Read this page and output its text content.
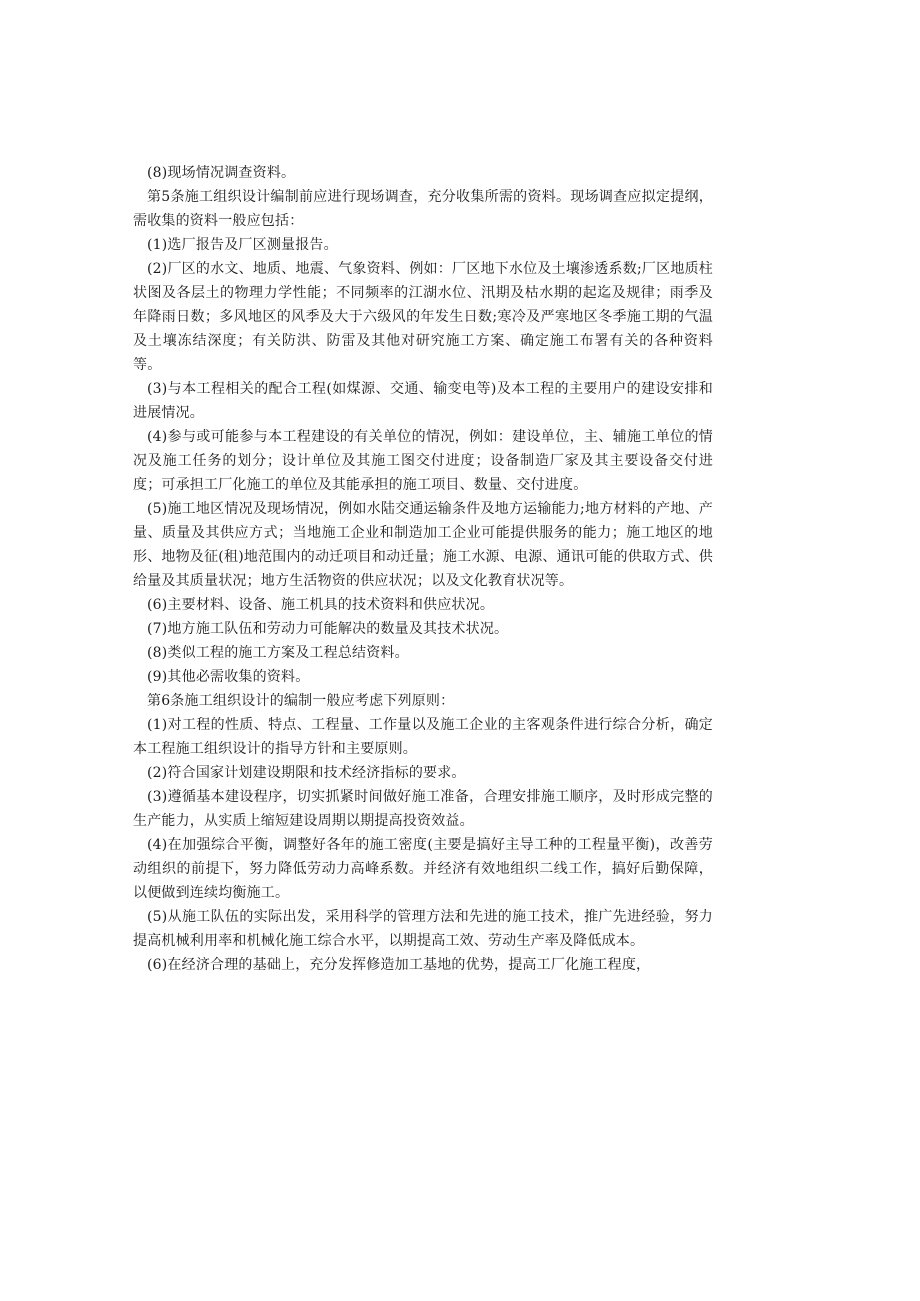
(8)现场情况调查资料。

第5条施工组织设计编制前应进行现场调查，充分收集所需的资料。现场调查应拟定提纲，需收集的资料一般应包括：

(1)选厂报告及厂区测量报告。

(2)厂区的水文、地质、地震、气象资料、例如：厂区地下水位及土壤渗透系数;厂区地质柱状图及各层土的物理力学性能；不同频率的江湖水位、汛期及枯水期的起迄及规律；雨季及年降雨日数；多风地区的风季及大于六级风的年发生日数;寒冷及严寒地区冬季施工期的气温及土壤冻结深度；有关防洪、防雷及其他对研究施工方案、确定施工布署有关的各种资料等。

(3)与本工程相关的配合工程(如煤源、交通、输变电等)及本工程的主要用户的建设安排和进展情况。

(4)参与或可能参与本工程建设的有关单位的情况，例如：建设单位，主、辅施工单位的情况及施工任务的划分；设计单位及其施工图交付进度；设备制造厂家及其主要设备交付进度；可承担工厂化施工的单位及其能承担的施工项目、数量、交付进度。

(5)施工地区情况及现场情况，例如水陆交通运输条件及地方运输能力;地方材料的产地、产量、质量及其供应方式；当地施工企业和制造加工企业可能提供服务的能力；施工地区的地形、地物及征(租)地范围内的动迁项目和动迁量；施工水源、电源、通讯可能的供取方式、供给量及其质量状况；地方生活物资的供应状况；以及文化教育状况等。

(6)主要材料、设备、施工机具的技术资料和供应状况。

(7)地方施工队伍和劳动力可能解决的数量及其技术状况。

(8)类似工程的施工方案及工程总结资料。

(9)其他必需收集的资料。

第6条施工组织设计的编制一般应考虑下列原则：

(1)对工程的性质、特点、工程量、工作量以及施工企业的主客观条件进行综合分析，确定本工程施工组织设计的指导方针和主要原则。

(2)符合国家计划建设期限和技术经济指标的要求。

(3)遵循基本建设程序，切实抓紧时间做好施工准备，合理安排施工顺序，及时形成完整的生产能力，从实质上缩短建设周期以期提高投资效益。

(4)在加强综合平衡，调整好各年的施工密度(主要是搞好主导工种的工程量平衡)，改善劳动组织的前提下，努力降低劳动力高峰系数。并经济有效地组织二线工作，搞好后勤保障，以便做到连续均衡施工。

(5)从施工队伍的实际出发，采用科学的管理方法和先进的施工技术，推广先进经验，努力提高机械利用率和机械化施工综合水平，以期提高工效、劳动生产率及降低成本。

(6)在经济合理的基础上，充分发挥修造加工基地的优势，提高工厂化施工程度，
